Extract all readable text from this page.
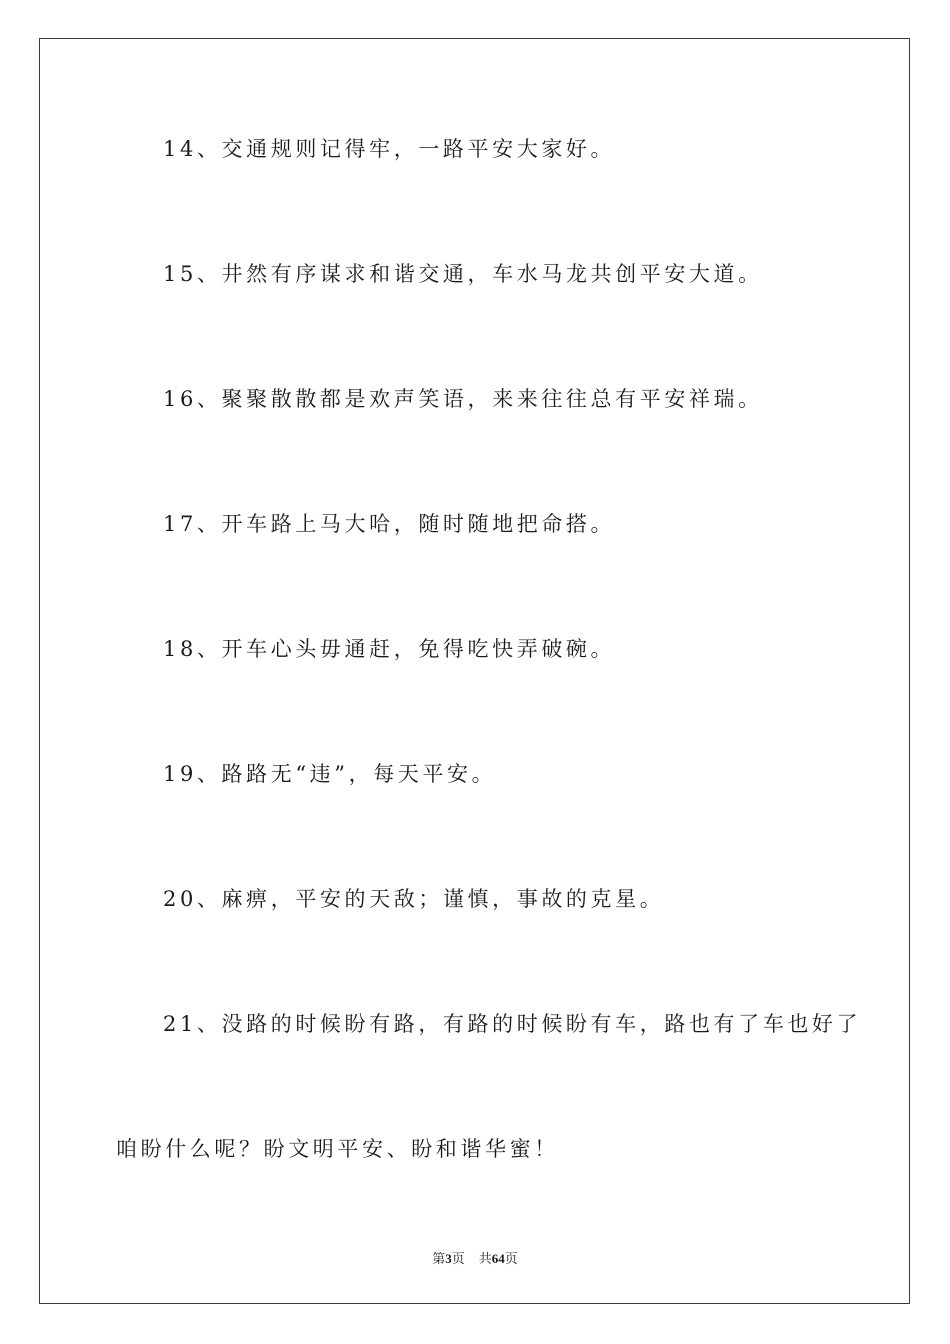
14、交通规则记得牢，一路平安大家好。

15、井然有序谋求和谐交通，车水马龙共创平安大道。

16、聚聚散散都是欢声笑语，来来往往总有平安祥瑞。

17、开车路上马大哈，随时随地把命搭。

18、开车心头毋通赶，免得吃快弄破碗。

19、路路无“违”，每天平安。

20、麻痹，平安的天敌；谨慎，事故的克星。

21、没路的时候盼有路，有路的时候盼有车，路也有了车也好了

咱盼什么呢？盼文明平安、盼和谐华蜜！

第3页 共64页
